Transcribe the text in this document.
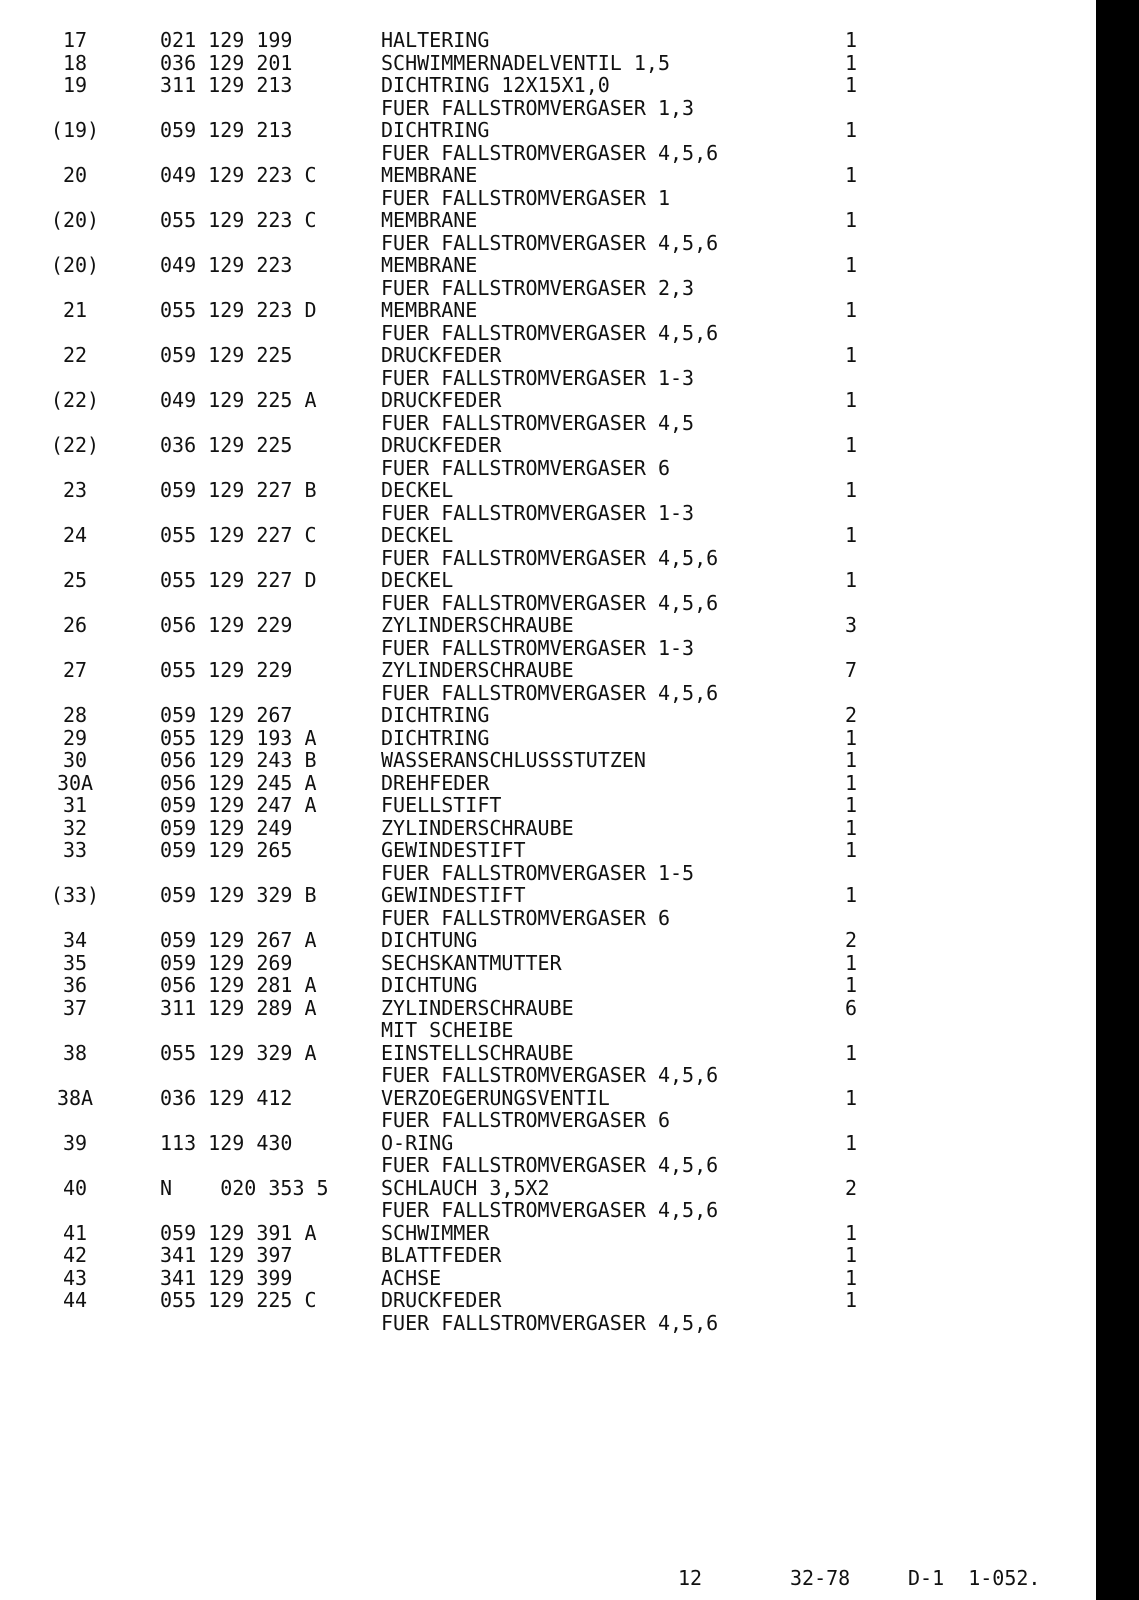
17	021 129 199	HALTERING	1
18	036 129 201	SCHWIMMERNADELVENTIL 1,5	1
19	311 129 213	DICHTRING 12X15X1,0	1
FUER FALLSTROMVERGASER 1,3
(19)	059 129 213	DICHTRING	1
FUER FALLSTROMVERGASER 4,5,6
20	049 129 223 C	MEMBRANE	1
FUER FALLSTROMVERGASER 1
(20)	055 129 223 C	MEMBRANE	1
FUER FALLSTROMVERGASER 4,5,6
(20)	049 129 223	MEMBRANE	1
FUER FALLSTROMVERGASER 2,3
21	055 129 223 D	MEMBRANE	1
FUER FALLSTROMVERGASER 4,5,6
22	059 129 225	DRUCKFEDER	1
FUER FALLSTROMVERGASER 1-3
(22)	049 129 225 A	DRUCKFEDER	1
FUER FALLSTROMVERGASER 4,5
(22)	036 129 225	DRUCKFEDER	1
FUER FALLSTROMVERGASER 6
23	059 129 227 B	DECKEL	1
FUER FALLSTROMVERGASER 1-3
24	055 129 227 C	DECKEL	1
FUER FALLSTROMVERGASER 4,5,6
25	055 129 227 D	DECKEL	1
FUER FALLSTROMVERGASER 4,5,6
26	056 129 229	ZYLINDERSCHRAUBE	3
FUER FALLSTROMVERGASER 1-3
27	055 129 229	ZYLINDERSCHRAUBE	7
FUER FALLSTROMVERGASER 4,5,6
28	059 129 267	DICHTRING	2
29	055 129 193 A	DICHTRING	1
30	056 129 243 B	WASSERANSCHLUSSSTUTZEN	1
30A	056 129 245 A	DREHFEDER	1
31	059 129 247 A	FUELLSTIFT	1
32	059 129 249	ZYLINDERSCHRAUBE	1
33	059 129 265	GEWINDESTIFT	1
FUER FALLSTROMVERGASER 1-5
(33)	059 129 329 B	GEWINDESTIFT	1
FUER FALLSTROMVERGASER 6
34	059 129 267 A	DICHTUNG	2
35	059 129 269	SECHSKANTMUTTER	1
36	056 129 281 A	DICHTUNG	1
37	311 129 289 A	ZYLINDERSCHRAUBE	6
MIT SCHEIBE
38	055 129 329 A	EINSTELLSCHRAUBE	1
FUER FALLSTROMVERGASER 4,5,6
38A	036 129 412	VERZOEGERUNGSVENTIL	1
FUER FALLSTROMVERGASER 6
39	113 129 430	O-RING	1
FUER FALLSTROMVERGASER 4,5,6
40	N    020 353 5	SCHLAUCH 3,5X2	2
FUER FALLSTROMVERGASER 4,5,6
41	059 129 391 A	SCHWIMMER	1
42	341 129 397	BLATTFEDER	1
43	341 129 399	ACHSE	1
44	055 129 225 C	DRUCKFEDER	1
FUER FALLSTROMVERGASER 4,5,6
12	32-78	D-1  1-052.
